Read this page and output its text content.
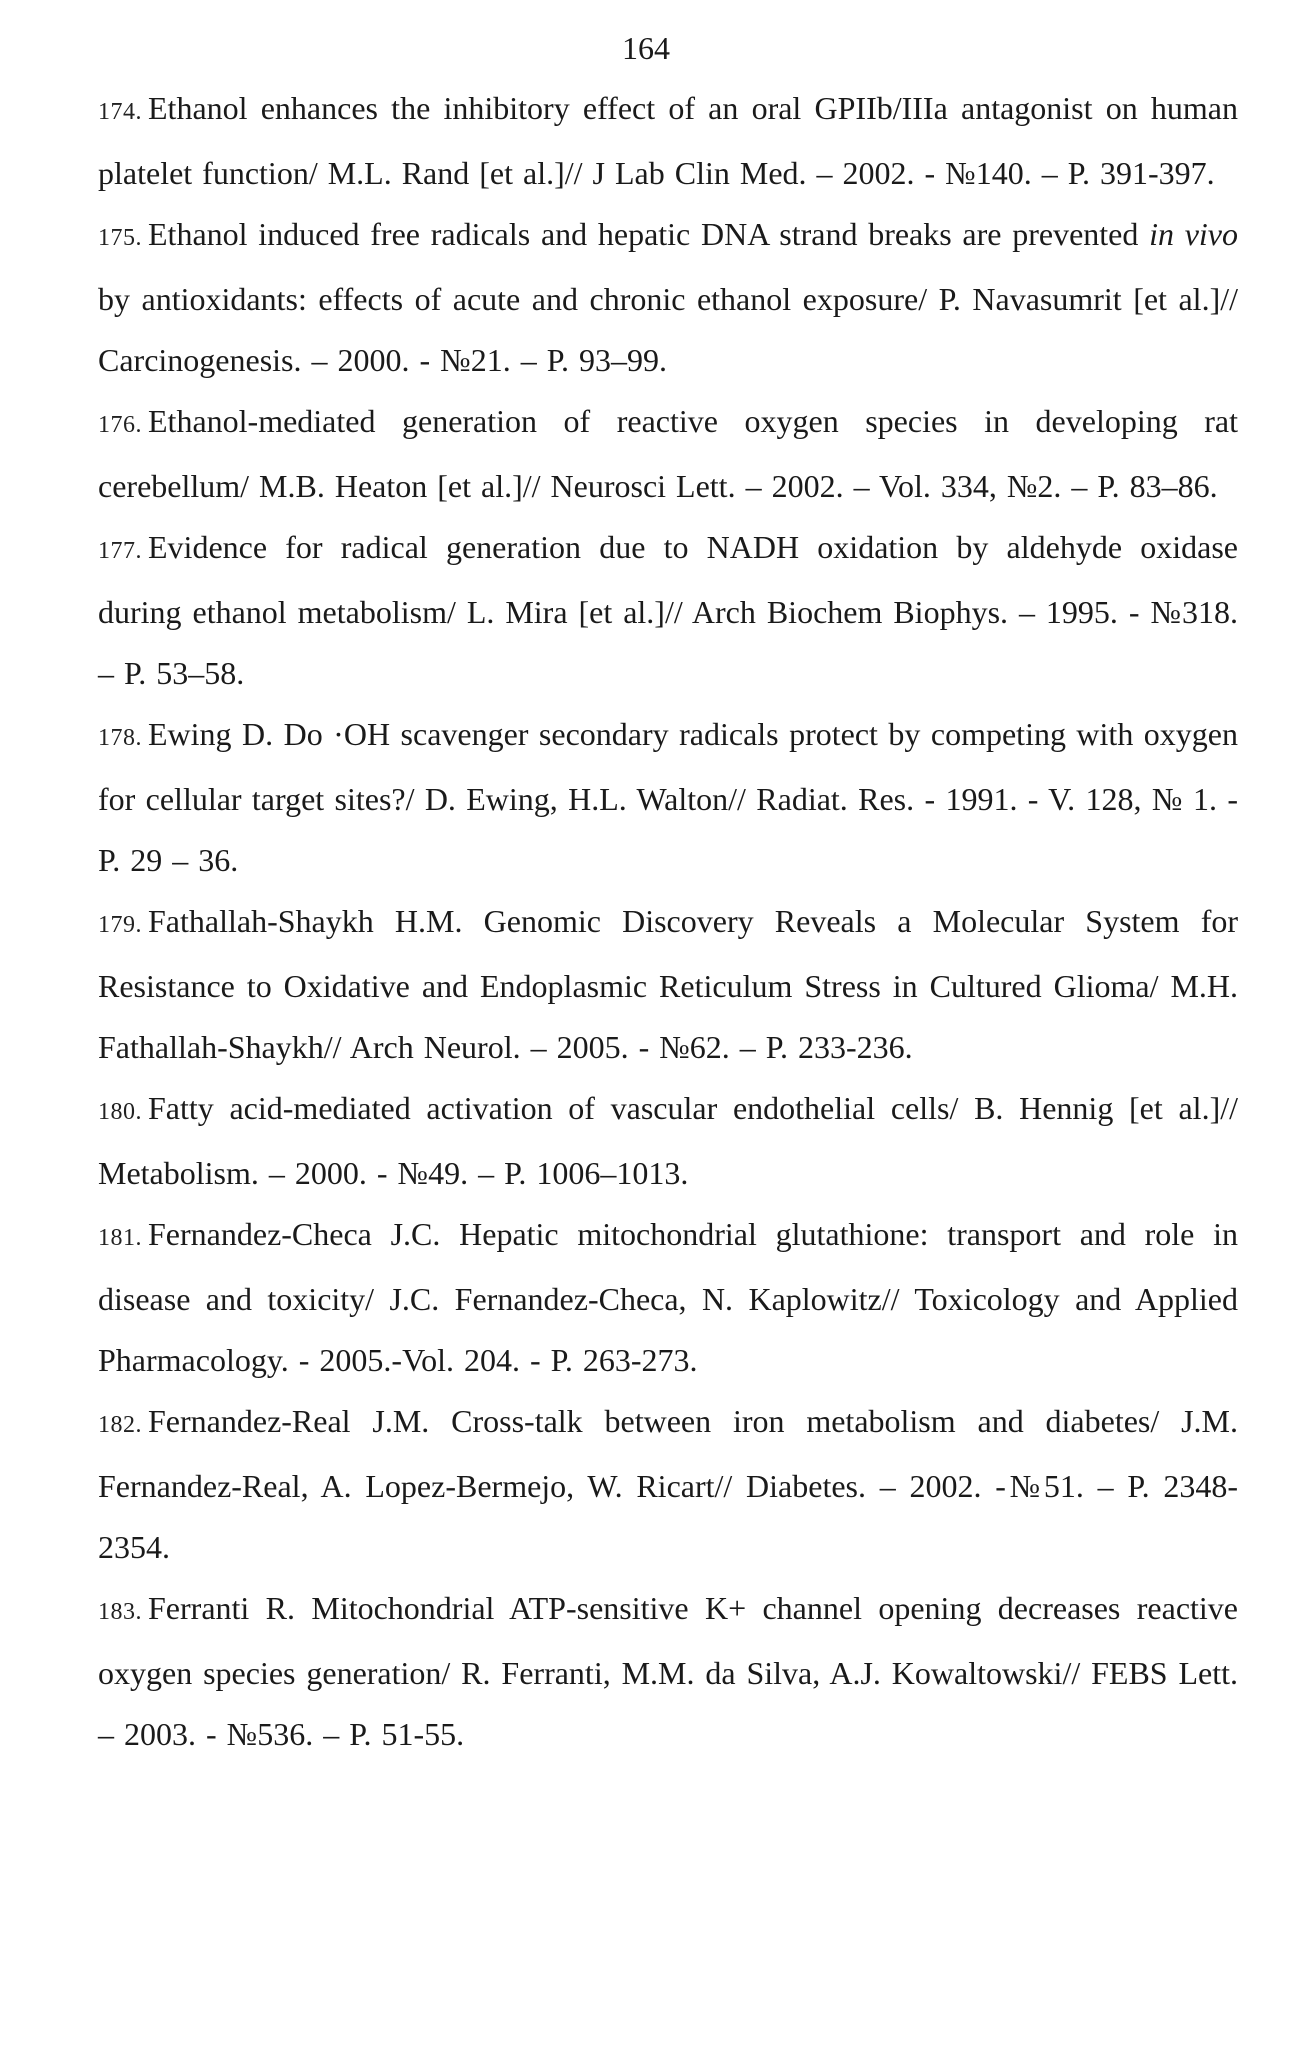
164
174. Ethanol enhances the inhibitory effect of an oral GPIIb/IIIa antagonist on human platelet function/ M.L. Rand [et al.]// J Lab Clin Med. – 2002. - №140. – P. 391-397.
175. Ethanol induced free radicals and hepatic DNA strand breaks are prevented in vivo by antioxidants: effects of acute and chronic ethanol exposure/ P. Navasumrit [et al.]// Carcinogenesis. – 2000. - №21. – P. 93–99.
176. Ethanol-mediated generation of reactive oxygen species in developing rat cerebellum/ M.B. Heaton [et al.]// Neurosci Lett. – 2002. – Vol. 334, №2. – P. 83–86.
177. Evidence for radical generation due to NADH oxidation by aldehyde oxidase during ethanol metabolism/ L. Mira [et al.]// Arch Biochem Biophys. – 1995. - №318. – P. 53–58.
178. Ewing D. Do ·OH scavenger secondary radicals protect by competing with oxygen for cellular target sites?/ D. Ewing, H.L. Walton// Radiat. Res. - 1991. - V. 128, № 1. - P. 29 – 36.
179. Fathallah-Shaykh H.M. Genomic Discovery Reveals a Molecular System for Resistance to Oxidative and Endoplasmic Reticulum Stress in Cultured Glioma/ M.H. Fathallah-Shaykh// Arch Neurol. – 2005. - №62. – P. 233-236.
180. Fatty acid-mediated activation of vascular endothelial cells/ B. Hennig [et al.]// Metabolism. – 2000. - №49. – P. 1006–1013.
181. Fernandez-Checa J.C. Hepatic mitochondrial glutathione: transport and role in disease and toxicity/ J.C. Fernandez-Checa, N. Kaplowitz// Toxicology and Applied Pharmacology. - 2005.-Vol. 204. - P. 263-273.
182. Fernandez-Real J.M. Cross-talk between iron metabolism and diabetes/ J.M. Fernandez-Real, A. Lopez-Bermejo, W. Ricart// Diabetes. – 2002. -№51. – P. 2348-2354.
183. Ferranti R. Mitochondrial ATP-sensitive K+ channel opening decreases reactive oxygen species generation/ R. Ferranti, M.M. da Silva, A.J. Kowaltowski// FEBS Lett. – 2003. - №536. – P. 51-55.
